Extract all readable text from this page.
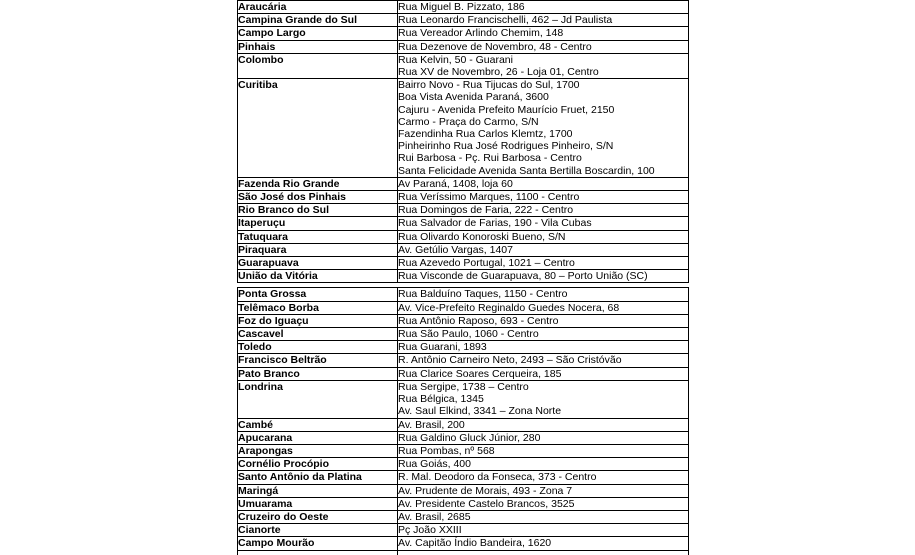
Araucária	Rua Miguel B. Pizzato, 186

Campina Grande do Sul	Rua Leonardo Francischelli, 462 – Jd Paulista

Campo Largo	Rua Vereador Arlindo Chemim, 148

Pinhais	Rua Dezenove de Novembro, 48 - Centro

Colombo	Rua Kelvin, 50 - Guarani
Rua XV de Novembro, 26 - Loja 01, Centro

Curitiba	Bairro Novo - Rua Tijucas do Sul, 1700
Boa Vista Avenida Paraná, 3600
Cajuru - Avenida Prefeito Maurício Fruet, 2150
Carmo - Praça do Carmo, S/N
Fazendinha Rua Carlos Klemtz, 1700
Pinheirinho Rua José Rodrigues Pinheiro, S/N
Rui Barbosa - Pç. Rui Barbosa - Centro
Santa Felicidade Avenida Santa Bertilla Boscardin, 100

Fazenda Rio Grande	Av Paraná, 1408, loja 60

São José dos Pinhais	Rua Veríssimo Marques, 1100 - Centro

Rio Branco do Sul	Rua Domingos de Faria, 222 - Centro

Itaperuçu	Rua Salvador de Farias, 190 - Vila Cubas

Tatuquara	Rua Olivardo Konoroski Bueno, S/N

Piraquara	Av. Getúlio Vargas, 1407

Guarapuava	Rua Azevedo Portugal, 1021 – Centro

União da Vitória	Rua Visconde de Guarapuava, 80 – Porto União (SC)
Ponta Grossa	Rua Balduíno Taques, 1150 - Centro

Telêmaco Borba	Av. Vice-Prefeito Reginaldo Guedes Nocera, 68

Foz do Iguaçu	Rua Antônio Raposo, 693 - Centro

Cascavel	Rua São Paulo, 1060 - Centro

Toledo	Rua Guarani, 1893

Francisco Beltrão	R. Antônio Carneiro Neto, 2493 – São Cristóvão

Pato Branco	Rua Clarice Soares Cerqueira, 185

Londrina	Rua Sergipe, 1738 – Centro
Rua Bélgica, 1345
Av. Saul Elkind, 3341 – Zona Norte

Cambé	Av. Brasil, 200

Apucarana	Rua Galdino Gluck Júnior, 280

Arapongas	Rua Pombas, nº 568

Cornélio Procópio	Rua Goiás, 400

Santo Antônio da Platina	R. Mal. Deodoro da Fonseca, 373 - Centro

Maringá	Av. Prudente de Morais, 493 - Zona 7

Umuarama	Av. Presidente Castelo Brancos, 3525

Cruzeiro do Oeste	Av. Brasil, 2685

Cianorte	Pç João XXIII

Campo Mourão	Av. Capitão Índio Bandeira, 1620
